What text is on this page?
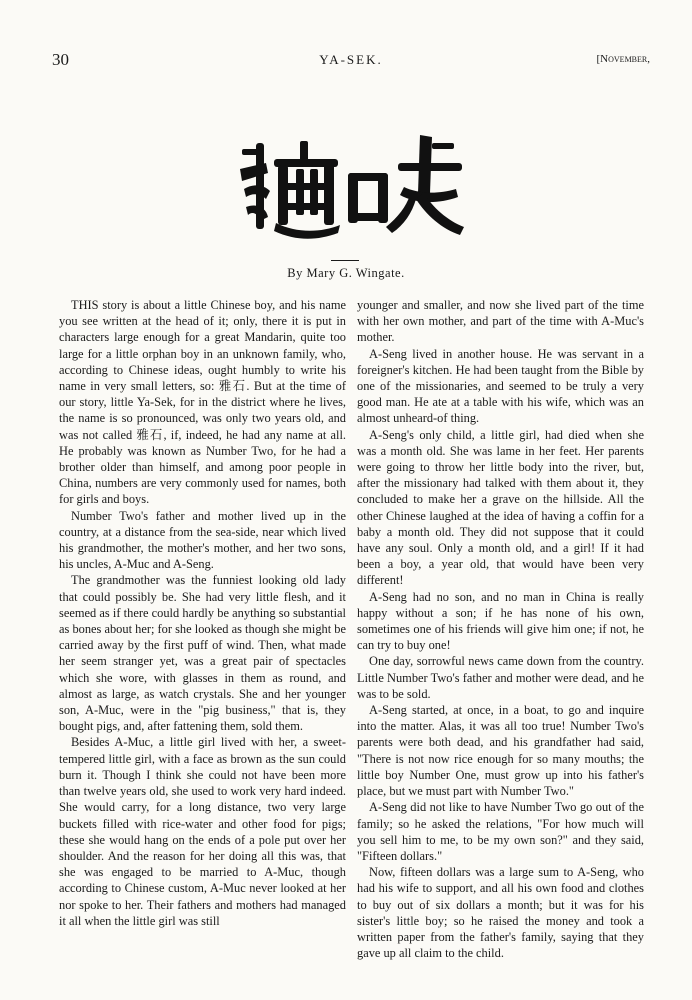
30	YA-SEK.	[November,
By Mary G. Wingate.

THIS story is about a little Chinese boy, and his name you see written at the head of it; only, there it is put in characters large enough for a great Mandarin, quite too large for a little orphan boy in an unknown family, who, according to Chinese ideas, ought humbly to write his name in very small letters, so: 雅石. But at the time of our story, little Ya-Sek, for in the district where he lives, the name is so pronounced, was only two years old, and was not called 雅石, if, indeed, he had any name at all. He probably was known as Number Two, for he had a brother older than himself, and among poor people in China, numbers are very commonly used for names, both for girls and boys.

Number Two's father and mother lived up in the country, at a distance from the sea-side, near which lived his grandmother, the mother's mother, and her two sons, his uncles, A-Muc and A-Seng.

The grandmother was the funniest looking old lady that could possibly be. She had very little flesh, and it seemed as if there could hardly be anything so substantial as bones about her; for she looked as though she might be carried away by the first puff of wind. Then, what made her seem stranger yet, was a great pair of spectacles which she wore, with glasses in them as round, and almost as large, as watch crystals. She and her younger son, A-Muc, were in the "pig business," that is, they bought pigs, and, after fattening them, sold them.

Besides A-Muc, a little girl lived with her, a sweet-tempered little girl, with a face as brown as the sun could burn it. Though I think she could not have been more than twelve years old, she used to work very hard indeed. She would carry, for a long distance, two very large buckets filled with rice-water and other food for pigs; these she would hang on the ends of a pole put over her shoulder. And the reason for her doing all this was, that she was engaged to be married to A-Muc, though according to Chinese custom, A-Muc never looked at her nor spoke to her. Their fathers and mothers had managed it all when the little girl was still

younger and smaller, and now she lived part of the time with her own mother, and part of the time with A-Muc's mother.

A-Seng lived in another house. He was servant in a foreigner's kitchen. He had been taught from the Bible by one of the missionaries, and seemed to be truly a very good man. He ate at a table with his wife, which was an almost unheard-of thing.

A-Seng's only child, a little girl, had died when she was a month old. She was lame in her feet. Her parents were going to throw her little body into the river, but, after the missionary had talked with them about it, they concluded to make her a grave on the hillside. All the other Chinese laughed at the idea of having a coffin for a baby a month old. They did not suppose that it could have any soul. Only a month old, and a girl! If it had been a boy, a year old, that would have been very different!

A-Seng had no son, and no man in China is really happy without a son; if he has none of his own, sometimes one of his friends will give him one; if not, he can try to buy one!

One day, sorrowful news came down from the country. Little Number Two's father and mother were dead, and he was to be sold.

A-Seng started, at once, in a boat, to go and inquire into the matter. Alas, it was all too true! Number Two's parents were both dead, and his grandfather had said, "There is not now rice enough for so many mouths; the little boy Number One, must grow up into his father's place, but we must part with Number Two."

A-Seng did not like to have Number Two go out of the family; so he asked the relations, "For how much will you sell him to me, to be my own son?" and they said, "Fifteen dollars."

Now, fifteen dollars was a large sum to A-Seng, who had his wife to support, and all his own food and clothes to buy out of six dollars a month; but it was for his sister's little boy; so he raised the money and took a written paper from the father's family, saying that they gave up all claim to the child.
